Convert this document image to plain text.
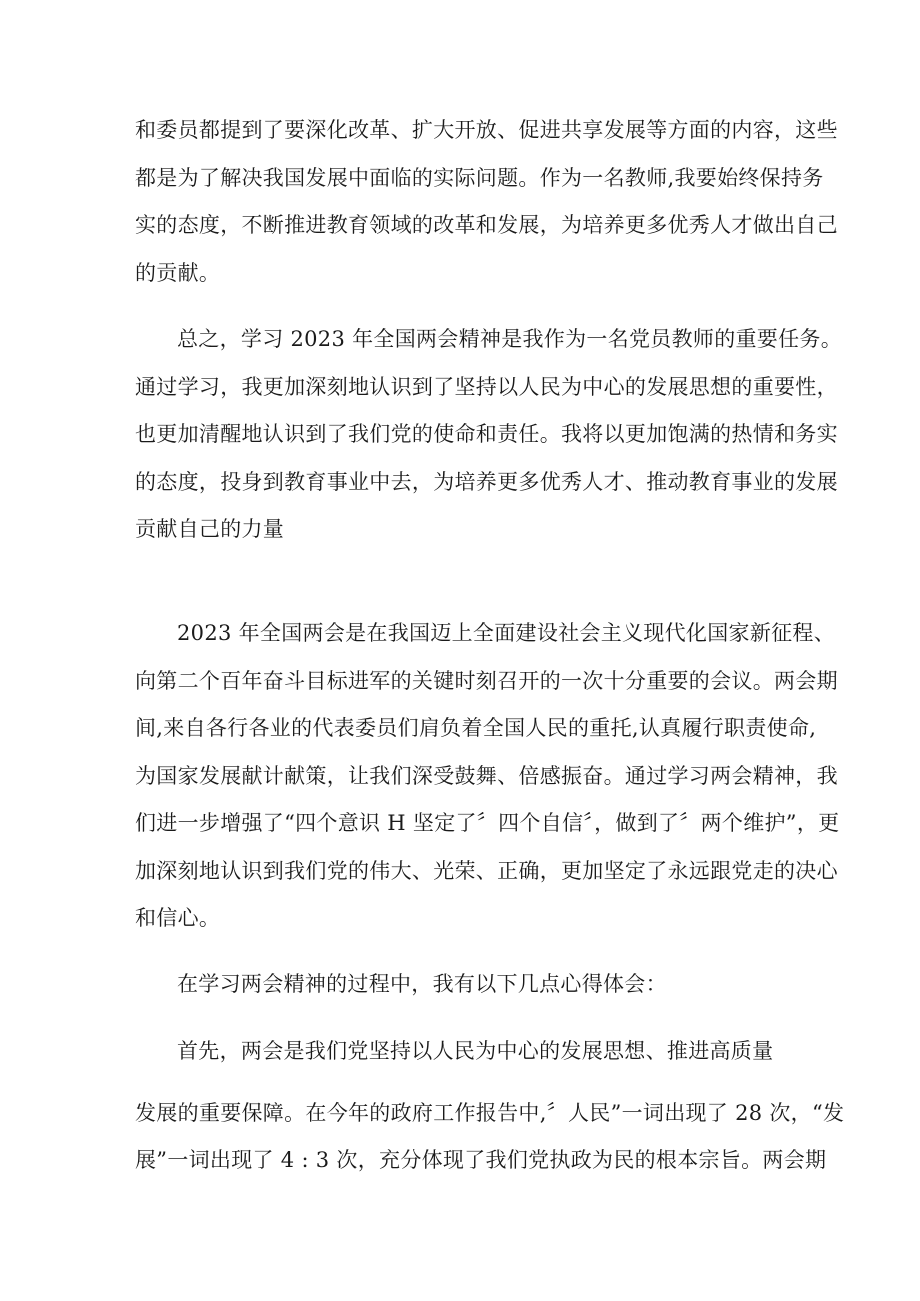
和委员都提到了要深化改革、扩大开放、促进共享发展等方面的内容，这些
都是为了解决我国发展中面临的实际问题。作为一名教师,我要始终保持务
实的态度，不断推进教育领域的改革和发展，为培养更多优秀人才做出自己
的贡献。
总之，学习 2023 年全国两会精神是我作为一名党员教师的重要任务。
通过学习，我更加深刻地认识到了坚持以人民为中心的发展思想的重要性，
也更加清醒地认识到了我们党的使命和责任。我将以更加饱满的热情和务实
的态度，投身到教育事业中去，为培养更多优秀人才、推动教育事业的发展
贡献自己的力量
2023 年全国两会是在我国迈上全面建设社会主义现代化国家新征程、
向第二个百年奋斗目标进军的关键时刻召开的一次十分重要的会议。两会期
间,来自各行各业的代表委员们肩负着全国人民的重托,认真履行职责使命,
为国家发展献计献策，让我们深受鼓舞、倍感振奋。通过学习两会精神，我
们进一步增强了“四个意识 H 坚定了〞四个自信〞，做到了〞两个维护”，更
加深刻地认识到我们党的伟大、光荣、正确，更加坚定了永远跟党走的决心
和信心。
在学习两会精神的过程中，我有以下几点心得体会：
首先，两会是我们党坚持以人民为中心的发展思想、推进高质量
发展的重要保障。在今年的政府工作报告中,〞人民”一词出现了 28 次，“发
展”一词出现了 4 : 3 次，充分体现了我们党执政为民的根本宗旨。两会期
